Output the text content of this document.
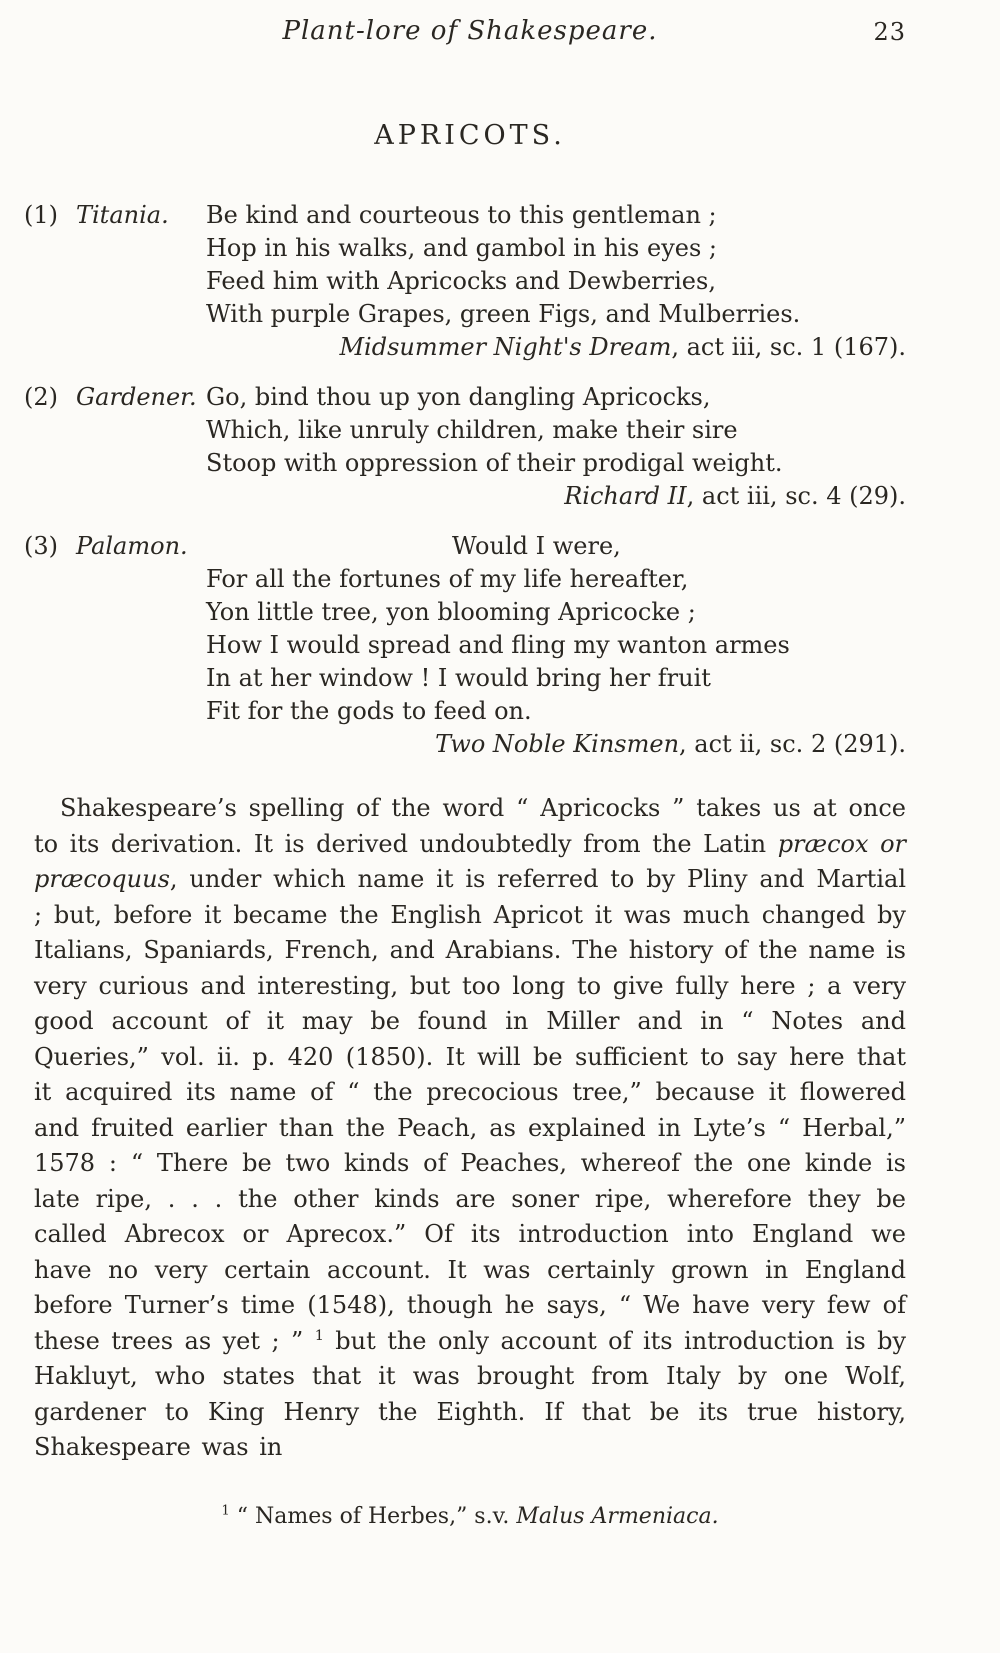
Plant-lore of Shakespeare.	23
APRICOTS.
(1) Titania. Be kind and courteous to this gentleman ;
Hop in his walks, and gambol in his eyes ;
Feed him with Apricocks and Dewberries,
With purple Grapes, green Figs, and Mulberries.
Midsummer Night's Dream, act iii, sc. 1 (167).
(2) Gardener. Go, bind thou up yon dangling Apricocks,
Which, like unruly children, make their sire
Stoop with oppression of their prodigal weight.
Richard II, act iii, sc. 4 (29).
(3) Palamon.	Would I were,
For all the fortunes of my life hereafter,
Yon little tree, yon blooming Apricocke ;
How I would spread and fling my wanton armes
In at her window ! I would bring her fruit
Fit for the gods to feed on.
Two Noble Kinsmen, act ii, sc. 2 (291).

Shakespeare’s spelling of the word “ Apricocks ” takes us at once to its derivation. It is derived undoubtedly from the Latin præcox or præcoquus, under which name it is referred to by Pliny and Martial ; but, before it became the English Apricot it was much changed by Italians, Spaniards, French, and Arabians. The history of the name is very curious and interesting, but too long to give fully here ; a very good account of it may be found in Miller and in “ Notes and Queries,” vol. ii. p. 420 (1850). It will be sufficient to say here that it acquired its name of “ the precocious tree,” because it flowered and fruited earlier than the Peach, as explained in Lyte’s “ Herbal,” 1578 : “ There be two kinds of Peaches, whereof the one kinde is late ripe, . . . the other kinds are soner ripe, wherefore they be called Abrecox or Aprecox.” Of its introduction into England we have no very certain account. It was certainly grown in England before Turner’s time (1548), though he says, “ We have very few of these trees as yet ; ” $^1$ but the only account of its introduction is by Hakluyt, who states that it was brought from Italy by one Wolf, gardener to King Henry the Eighth. If that be its true history, Shakespeare was in

$^1$ “ Names of Herbes,” s.v. Malus Armeniaca.
